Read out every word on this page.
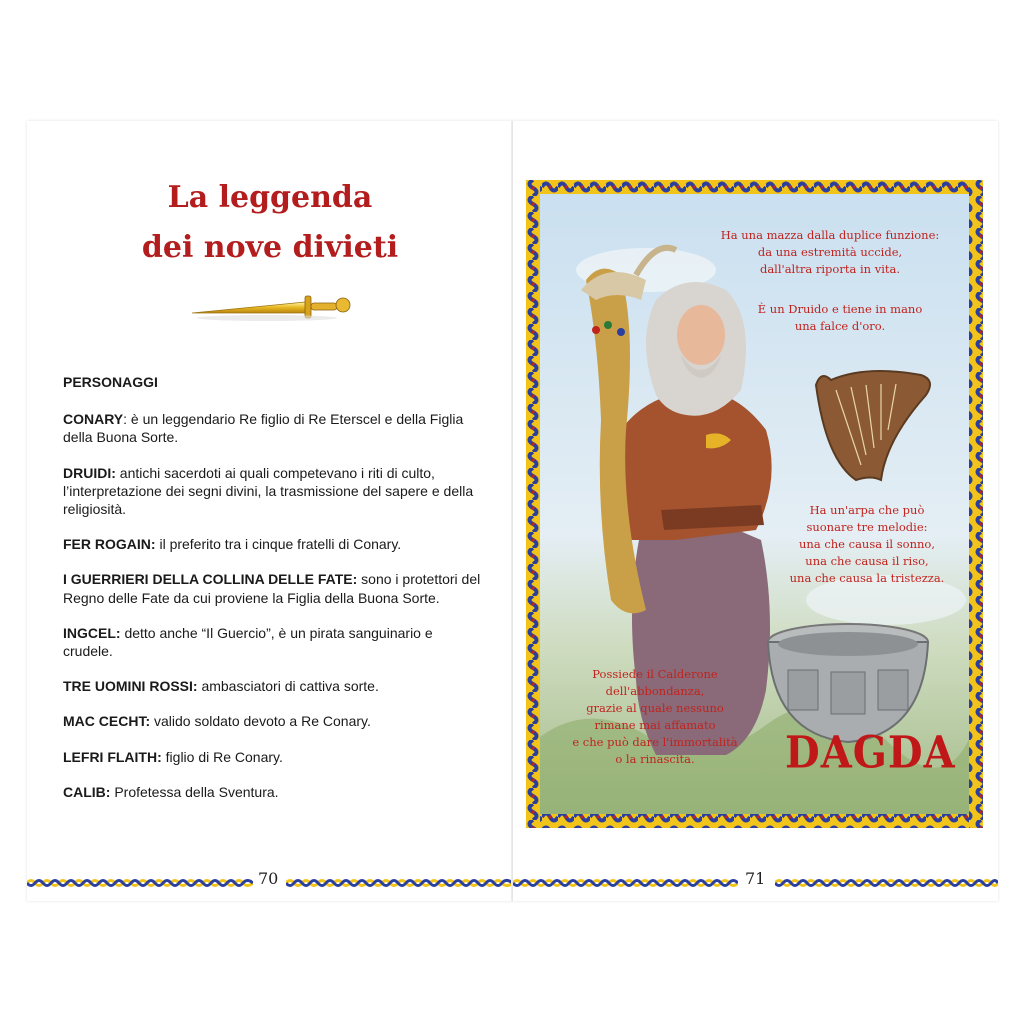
La leggenda
dei nove divieti
PERSONAGGI
CONARY: è un leggendario Re figlio di Re Eterscel e della Figlia della Buona Sorte.
DRUIDI: antichi sacerdoti ai quali competevano i riti di culto, l’interpretazione dei segni divini, la trasmissione del sapere e della religiosità.
FER ROGAIN: il preferito tra i cinque fratelli di Conary.
I GUERRIERI DELLA COLLINA DELLE FATE: sono i protettori del Regno delle Fate da cui proviene la Figlia della Buona Sorte.
INGCEL: detto anche “Il Guercio”, è un pirata sanguinario e crudele.
TRE UOMINI ROSSI: ambasciatori di cattiva sorte.
MAC CECHT: valido soldato devoto a Re Conary.
LEFRI FLAITH: figlio di Re Conary.
CALIB: Profetessa della Sventura.
70	71
Ha una mazza dalla duplice funzione:
da una estremità uccide,
dall'altra riporta in vita.
È un Druido e tiene in mano
una falce d'oro.
Ha un'arpa che può
suonare tre melodie:
una che causa il sonno,
una che causa il riso,
una che causa la tristezza.
Possiede il Calderone
dell'abbondanza,
grazie al quale nessuno
rimane mai affamato
e che può dare l'immortalità
o la rinascita.	DAGDA
